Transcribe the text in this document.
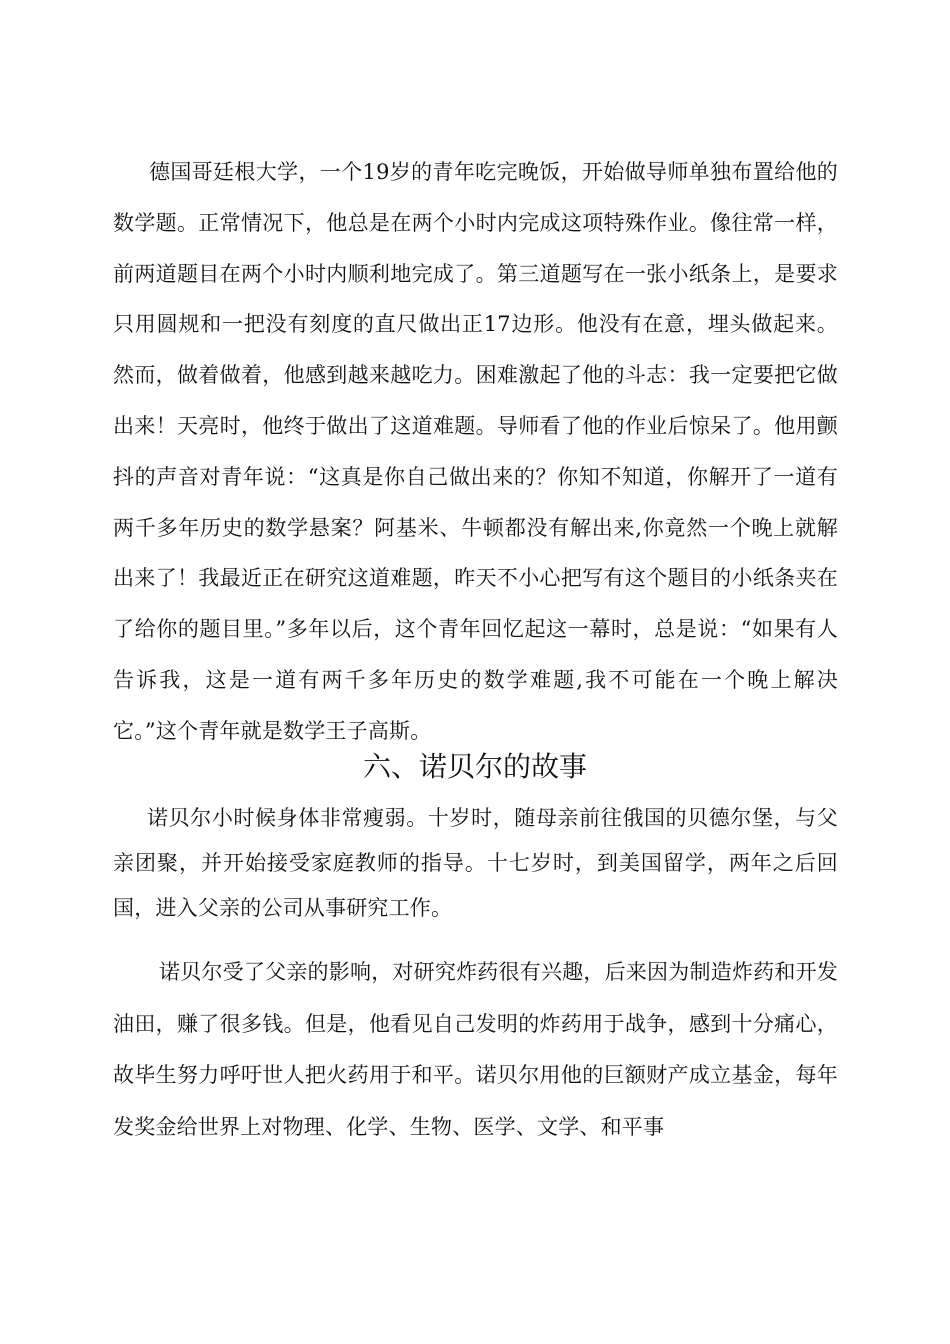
德国哥廷根大学，一个19岁的青年吃完晚饭，开始做导师单独布置给他的数学题。正常情况下，他总是在两个小时内完成这项特殊作业。像往常一样，前两道题目在两个小时内顺利地完成了。第三道题写在一张小纸条上，是要求只用圆规和一把没有刻度的直尺做出正17边形。他没有在意，埋头做起来。然而，做着做着，他感到越来越吃力。困难激起了他的斗志：我一定要把它做出来！天亮时，他终于做出了这道难题。导师看了他的作业后惊呆了。他用颤抖的声音对青年说：“这真是你自己做出来的？你知不知道，你解开了一道有两千多年历史的数学悬案？阿基米、牛顿都没有解出来,你竟然一个晚上就解出来了！我最近正在研究这道难题，昨天不小心把写有这个题目的小纸条夹在了给你的题目里。”多年以后，这个青年回忆起这一幕时，总是说：“如果有人告诉我，这是一道有两千多年历史的数学难题,我不可能在一个晚上解决它。”这个青年就是数学王子高斯。

六、诺贝尔的故事

诺贝尔小时候身体非常瘦弱。十岁时，随母亲前往俄国的贝德尔堡，与父亲团聚，并开始接受家庭教师的指导。十七岁时，到美国留学，两年之后回国，进入父亲的公司从事研究工作。

诺贝尔受了父亲的影响，对研究炸药很有兴趣，后来因为制造炸药和开发油田，赚了很多钱。但是，他看见自己发明的炸药用于战争，感到十分痛心，故毕生努力呼吁世人把火药用于和平。诺贝尔用他的巨额财产成立基金，每年发奖金给世界上对物理、化学、生物、医学、文学、和平事
